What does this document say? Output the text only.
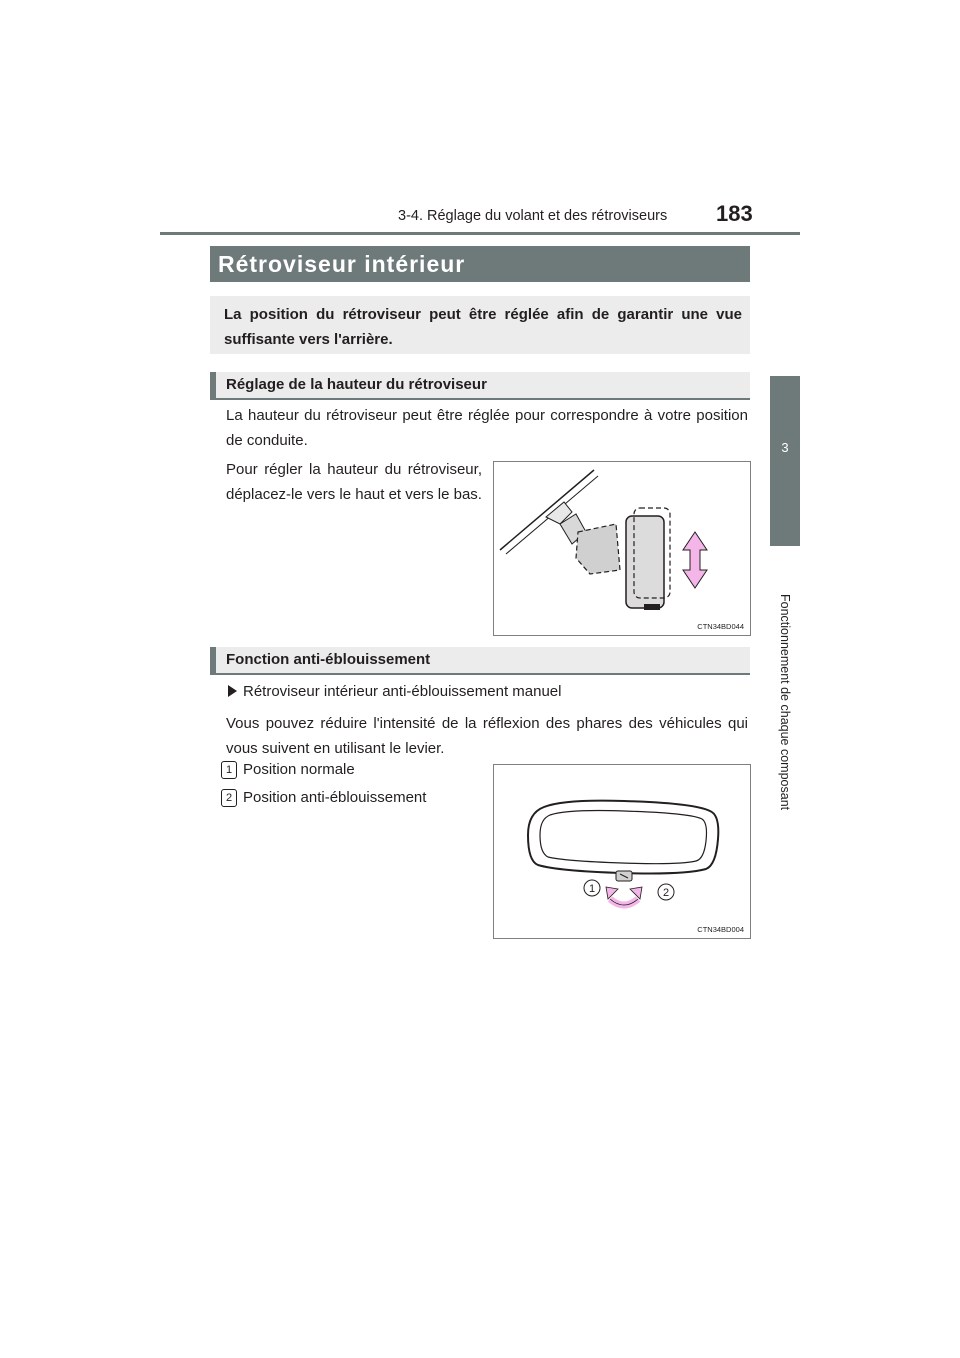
3-4. Réglage du volant et des rétroviseurs 183
3
Fonctionnement de chaque composant
Rétroviseur intérieur
La position du rétroviseur peut être réglée afin de garantir une vue suffisante vers l'arrière.
Réglage de la hauteur du rétroviseur
La hauteur du rétroviseur peut être réglée pour correspondre à votre position de conduite.
Pour régler la hauteur du rétroviseur, déplacez-le vers le haut et vers le bas.
CTN34BD044
Fonction anti-éblouissement
Rétroviseur intérieur anti-éblouissement manuel
Vous pouvez réduire l'intensité de la réflexion des phares des véhicules qui vous suivent en utilisant le levier.
1 Position normale
2 Position anti-éblouissement
1	2
CTN34BD004
